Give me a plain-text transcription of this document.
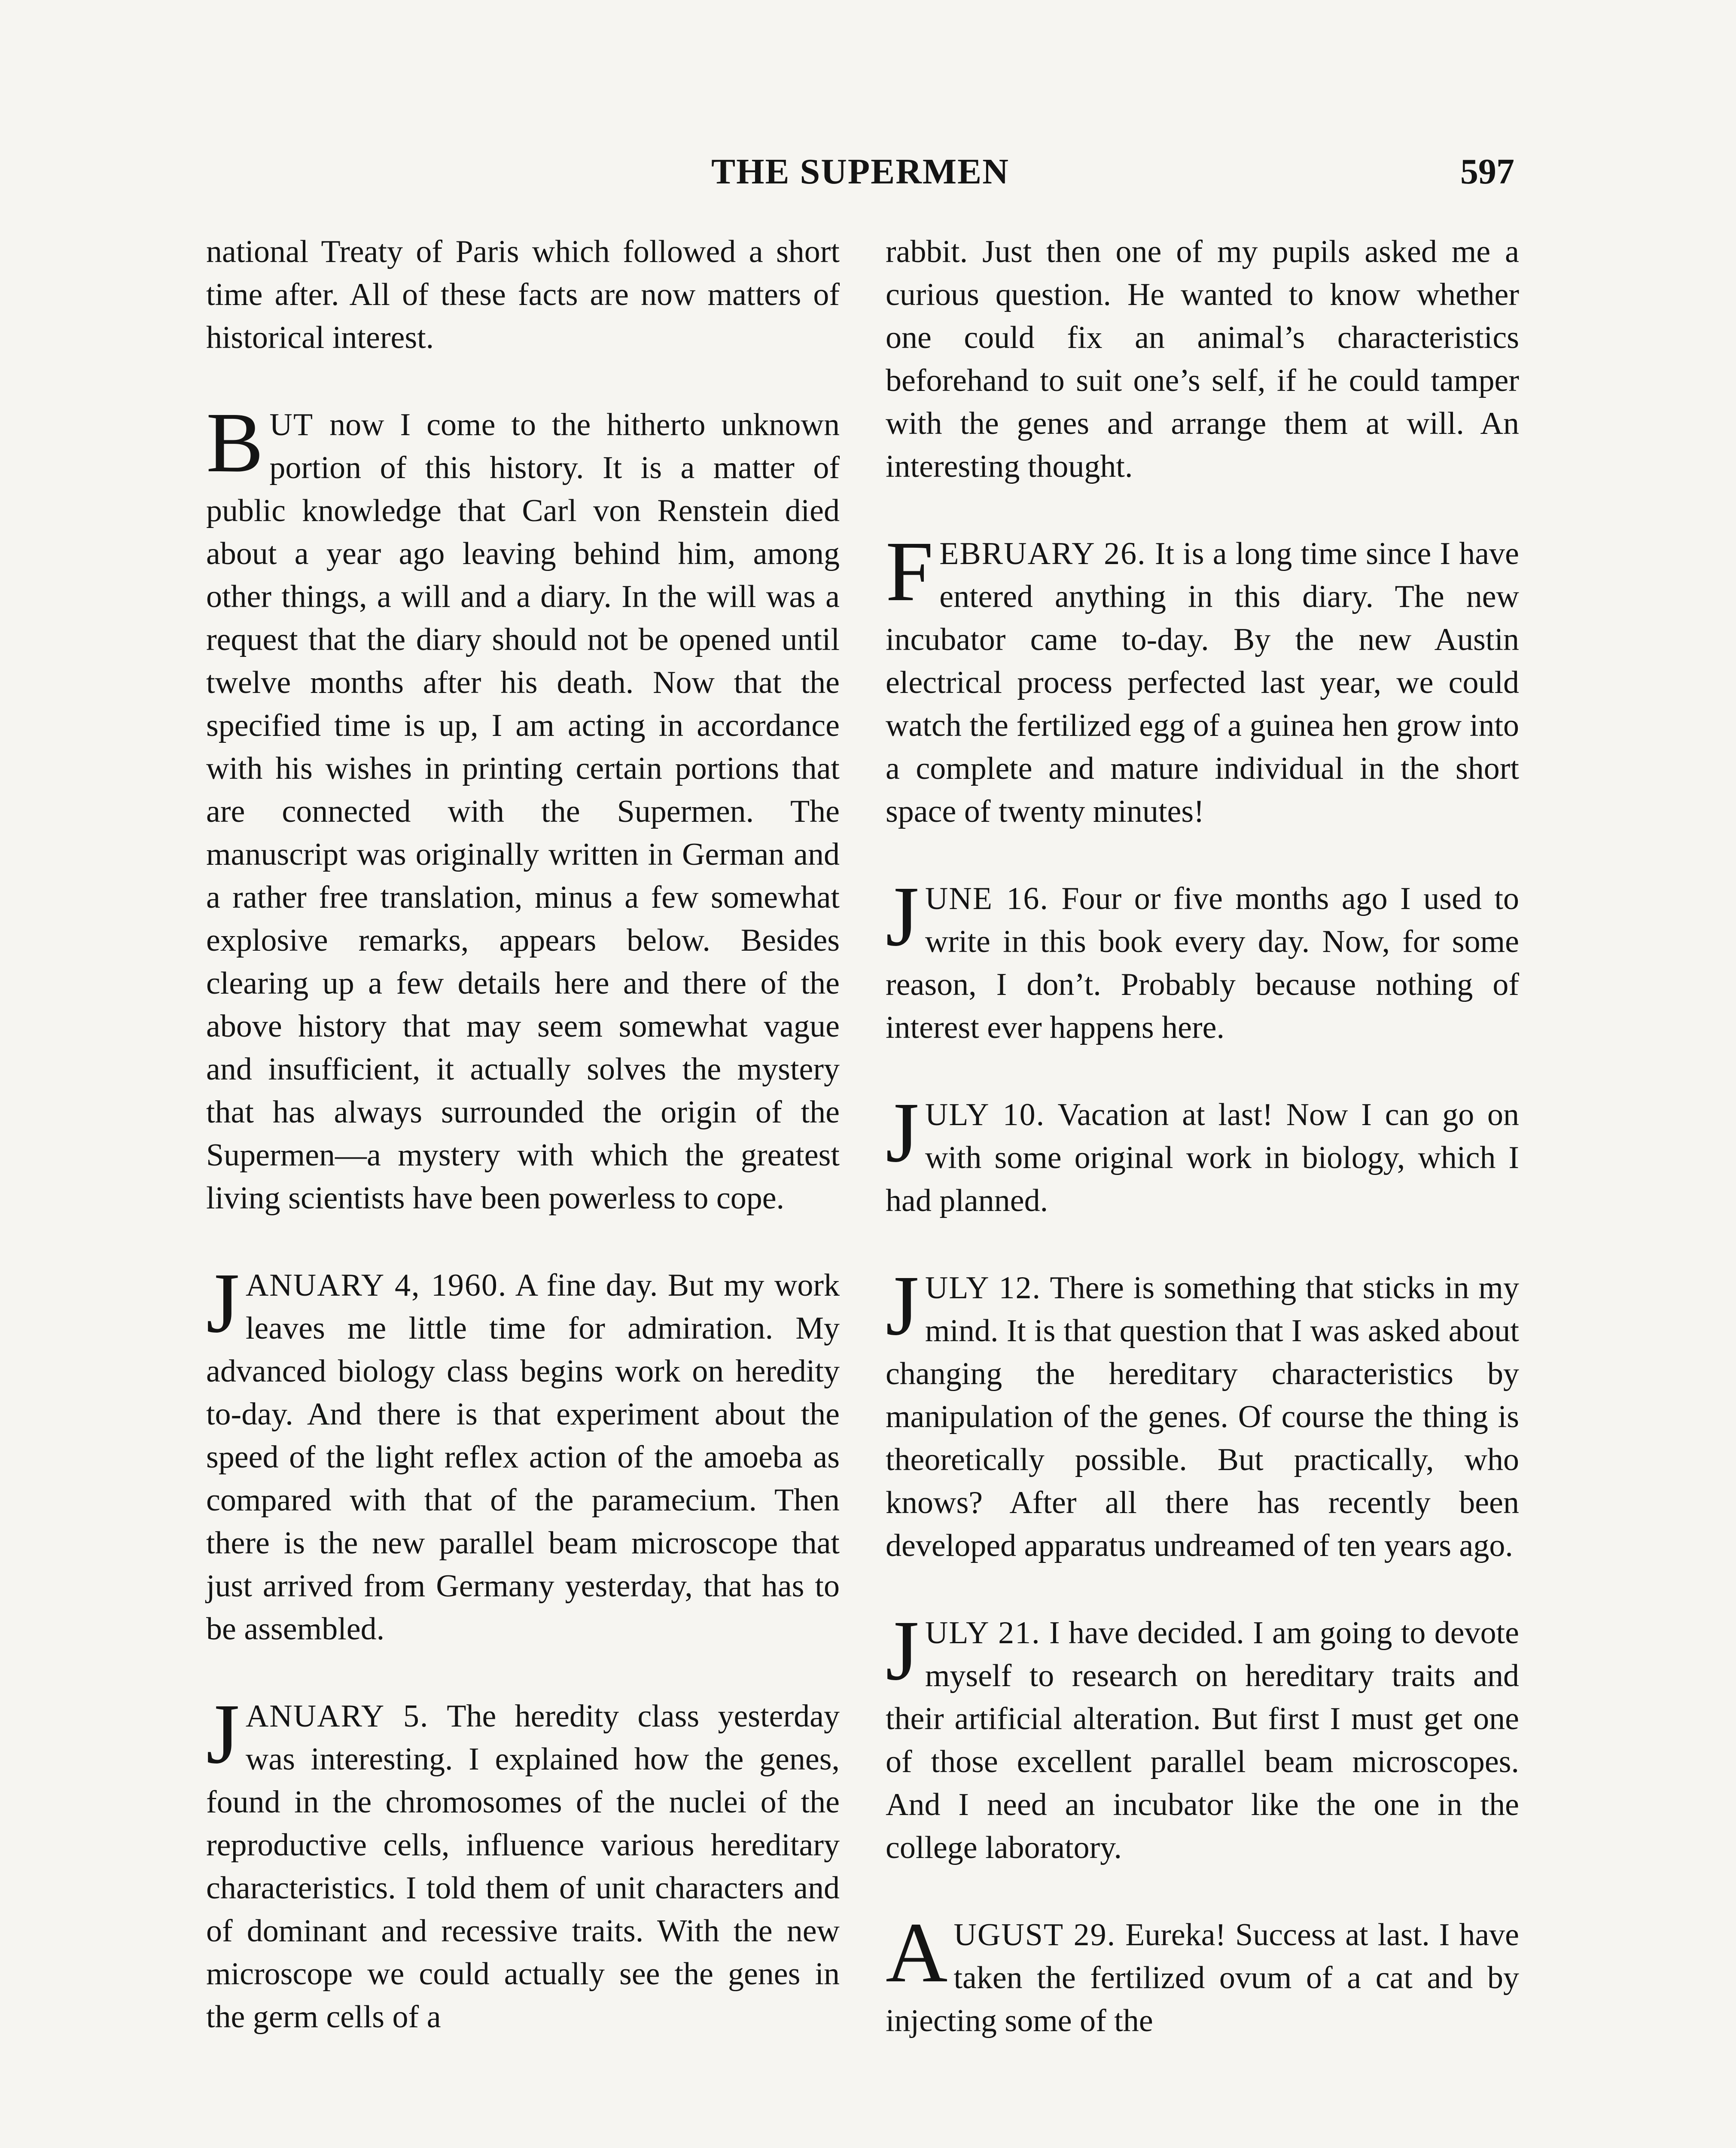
THE SUPERMEN	597

national Treaty of Paris which followed a short time after. All of these facts are now matters of historical interest.

BUT now I come to the hitherto unknown portion of this history. It is a matter of public knowledge that Carl von Renstein died about a year ago leaving behind him, among other things, a will and a diary. In the will was a request that the diary should not be opened until twelve months after his death. Now that the specified time is up, I am acting in accordance with his wishes in printing certain portions that are connected with the Supermen. The manuscript was originally written in German and a rather free translation, minus a few somewhat explosive remarks, appears below. Besides clearing up a few details here and there of the above history that may seem somewhat vague and insufficient, it actually solves the mystery that has always surrounded the origin of the Supermen—a mystery with which the greatest living scientists have been powerless to cope.

JANUARY 4, 1960. A fine day. But my work leaves me little time for admiration. My advanced biology class begins work on heredity to-day. And there is that experiment about the speed of the light reflex action of the amoeba as compared with that of the paramecium. Then there is the new parallel beam microscope that just arrived from Germany yesterday, that has to be assembled.

JANUARY 5. The heredity class yesterday was interesting. I explained how the genes, found in the chromosomes of the nuclei of the reproductive cells, influence various hereditary characteristics. I told them of unit characters and of dominant and recessive traits. With the new microscope we could actually see the genes in the germ cells of a

rabbit. Just then one of my pupils asked me a curious question. He wanted to know whether one could fix an animal’s characteristics beforehand to suit one’s self, if he could tamper with the genes and arrange them at will. An interesting thought.

FEBRUARY 26. It is a long time since I have entered anything in this diary. The new incubator came to-day. By the new Austin electrical process perfected last year, we could watch the fertilized egg of a guinea hen grow into a complete and mature individual in the short space of twenty minutes!

JUNE 16. Four or five months ago I used to write in this book every day. Now, for some reason, I don’t. Probably because nothing of interest ever happens here.

JULY 10. Vacation at last! Now I can go on with some original work in biology, which I had planned.

JULY 12. There is something that sticks in my mind. It is that question that I was asked about changing the hereditary characteristics by manipulation of the genes. Of course the thing is theoretically possible. But practically, who knows? After all there has recently been developed apparatus undreamed of ten years ago.

JULY 21. I have decided. I am going to devote myself to research on hereditary traits and their artificial alteration. But first I must get one of those excellent parallel beam microscopes. And I need an incubator like the one in the college laboratory.

AUGUST 29. Eureka! Success at last. I have taken the fertilized ovum of a cat and by injecting some of the
